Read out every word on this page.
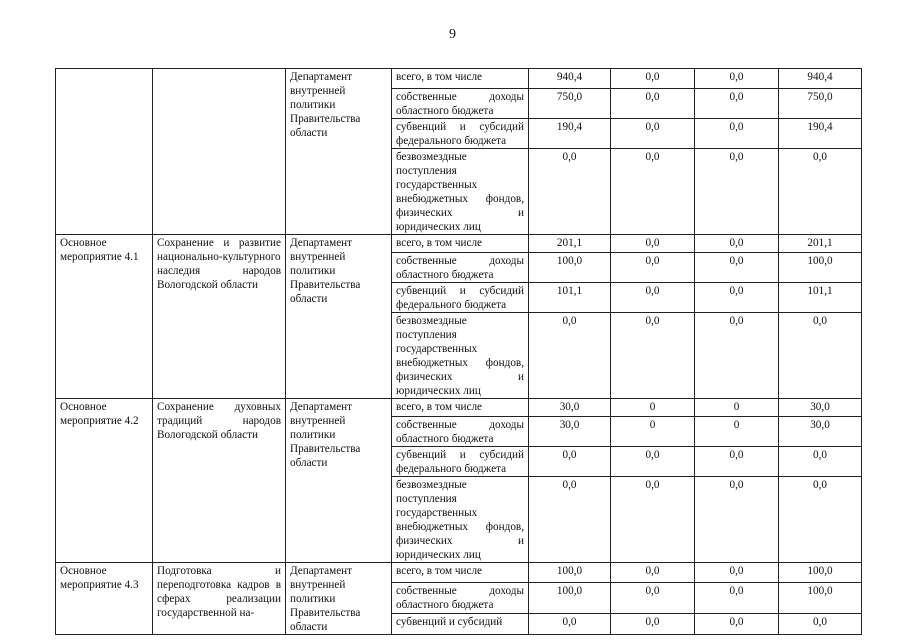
9
		Департамент внутренней политики Правительства области	всего, в том числе	940,4	0,0	0,0	940,4
			собственные доходы областного бюджета	750,0	0,0	0,0	750,0
			субвенций и субсидий федерального бюджета	190,4	0,0	0,0	190,4
			безвозмездные поступления государственных внебюджетных фондов, физических и юридических лиц	0,0	0,0	0,0	0,0
Основное мероприятие 4.1	Сохранение и развитие национально-культурного наследия народов Вологодской области	Департамент внутренней политики Правительства области	всего, в том числе	201,1	0,0	0,0	201,1
			собственные доходы областного бюджета	100,0	0,0	0,0	100,0
			субвенций и субсидий федерального бюджета	101,1	0,0	0,0	101,1
			безвозмездные поступления государственных внебюджетных фондов, физических и юридических лиц	0,0	0,0	0,0	0,0
Основное мероприятие 4.2	Сохранение духовных традиций народов Вологодской области	Департамент внутренней политики Правительства области	всего, в том числе	30,0	0	0	30,0
			собственные доходы областного бюджета	30,0	0	0	30,0
			субвенций и субсидий федерального бюджета	0,0	0,0	0,0	0,0
			безвозмездные поступления государственных внебюджетных фондов, физических и юридических лиц	0,0	0,0	0,0	0,0
Основное мероприятие 4.3	Подготовка и переподготовка кадров в сферах реализации государственной на-	Департамент внутренней политики Правительства области	всего, в том числе	100,0	0,0	0,0	100,0
			собственные доходы областного бюджета	100,0	0,0	0,0	100,0
			субвенций и субсидий	0,0	0,0	0,0	0,0
